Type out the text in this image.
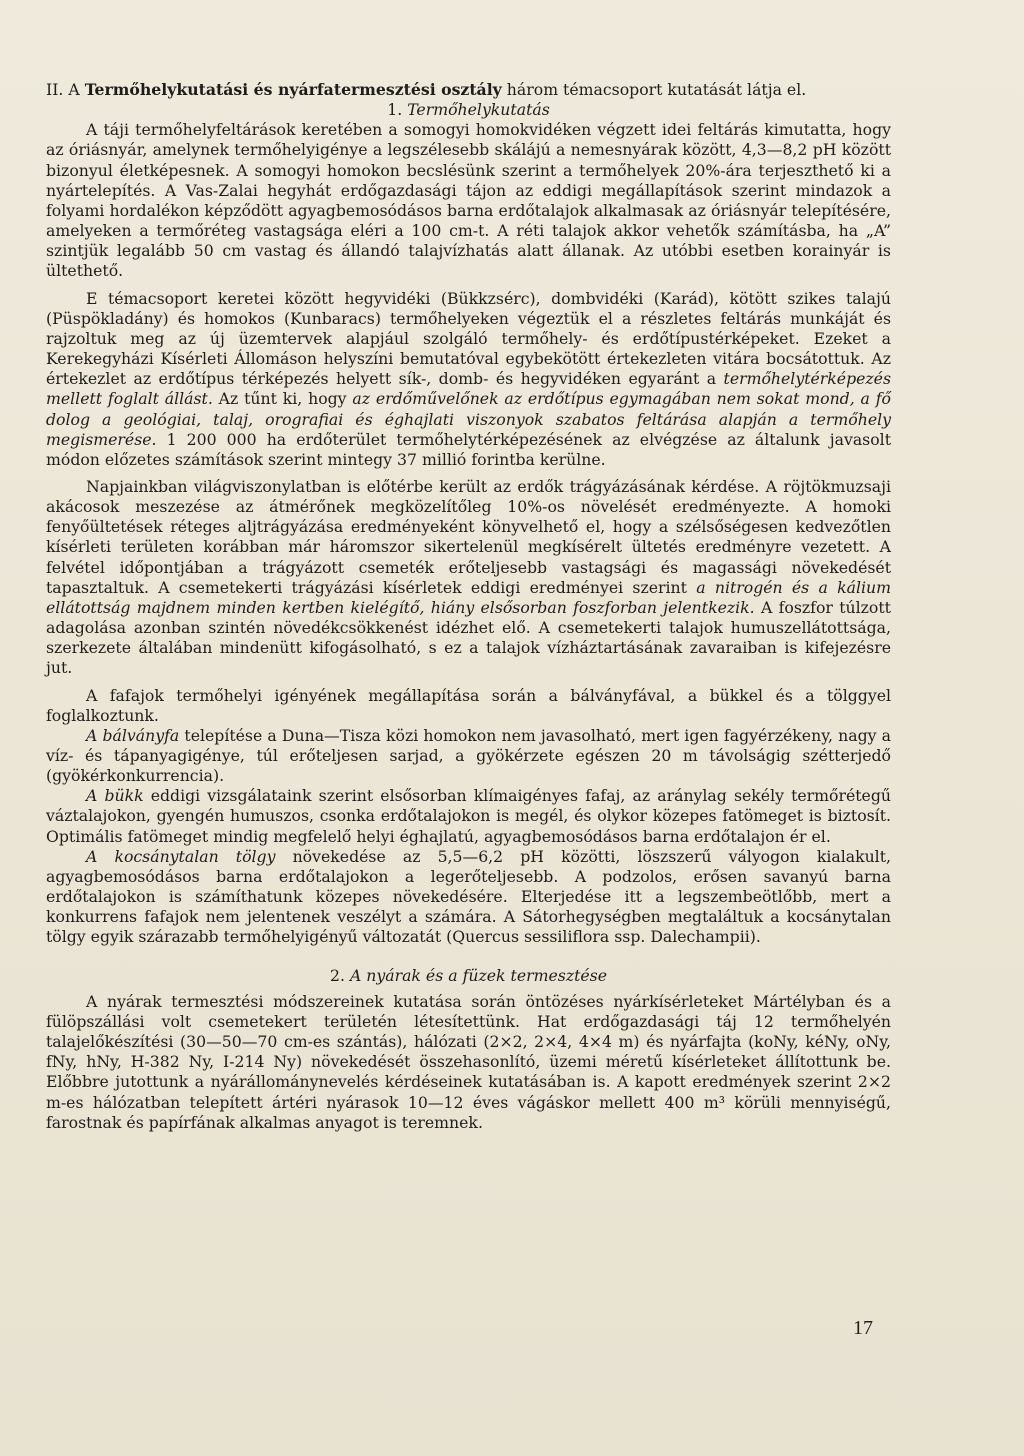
II. A Termőhelykutatási és nyárfatermesztési osztály három témacsoport kutatását látja el.

1. Termőhelykutatás

A táji termőhelyfeltárások keretében a somogyi homokvidéken végzett idei feltárás kimutatta, hogy az óriásnyár, amelynek termőhelyigénye a legszélesebb skálájú a nemesnyárak között, 4,3—8,2 pH között bizonyul életképesnek. A somogyi homokon becslésünk szerint a termőhelyek 20%-ára terjeszthető ki a nyártelepítés. A Vas-Zalai hegyhát erdőgazdasági tájon az eddigi megállapítások szerint mindazok a folyami hordalékon képződött agyagbemosódásos barna erdőtalajok alkalmasak az óriásnyár telepítésére, amelyeken a termőréteg vastagsága eléri a 100 cm-t. A réti talajok akkor vehetők számításba, ha „A” szintjük legalább 50 cm vastag és állandó talajvízhatás alatt állanak. Az utóbbi esetben korainyár is ültethető.

E témacsoport keretei között hegyvidéki (Bükkzsérc), dombvidéki (Karád), kötött szikes talajú (Püspökladány) és homokos (Kunbaracs) termőhelyeken végeztük el a részletes feltárás munkáját és rajzoltuk meg az új üzemtervek alapjául szolgáló termőhely- és erdőtípustérképeket. Ezeket a Kerekegyházi Kísérleti Állomáson helyszíni bemutatóval egybekötött értekezleten vitára bocsátottuk. Az értekezlet az erdőtípus térképezés helyett sík-, domb- és hegyvidéken egyaránt a termőhelytérképezés mellett foglalt állást. Az tűnt ki, hogy az erdőművelőnek az erdőtípus egymagában nem sokat mond, a fő dolog a geológiai, talaj, orografiai és éghajlati viszonyok szabatos feltárása alapján a termőhely megismerése. 1 200 000 ha erdőterület termőhelytérképezésének az elvégzése az általunk javasolt módon előzetes számítások szerint mintegy 37 millió forintba kerülne.

Napjainkban világviszonylatban is előtérbe került az erdők trágyázásának kérdése. A röjtökmuzsaji akácosok meszezése az átmérőnek megközelítőleg 10%-os növelését eredményezte. A homoki fenyőültetések réteges aljtrágyázása eredményeként könyvelhető el, hogy a szélsőségesen kedvezőtlen kísérleti területen korábban már háromszor sikertelenül megkísérelt ültetés eredményre vezetett. A felvétel időpontjában a trágyázott csemeték erőteljesebb vastagsági és magassági növekedését tapasztaltuk. A csemetekerti trágyázási kísérletek eddigi eredményei szerint a nitrogén és a kálium ellátottság majdnem minden kertben kielégítő, hiány elsősorban foszforban jelentkezik. A foszfor túlzott adagolása azonban szintén növedékcsökkenést idézhet elő. A csemetekerti talajok humuszellátottsága, szerkezete általában mindenütt kifogásolható, s ez a talajok vízháztartásának zavaraiban is kifejezésre jut.

A fafajok termőhelyi igényének megállapítása során a bálványfával, a bükkel és a tölggyel foglalkoztunk.

A bálványfa telepítése a Duna—Tisza közi homokon nem javasolható, mert igen fagyérzékeny, nagy a víz- és tápanyagigénye, túl erőteljesen sarjad, a gyökérzete egészen 20 m távolságig szétterjedő (gyökérkonkurrencia).

A bükk eddigi vizsgálataink szerint elsősorban klímaigényes fafaj, az aránylag sekély termőrétegű váztalajokon, gyengén humuszos, csonka erdőtalajokon is megél, és olykor közepes fatömeget is biztosít. Optimális fatömeget mindig megfelelő helyi éghajlatú, agyagbemosódásos barna erdőtalajon ér el.

A kocsánytalan tölgy növekedése az 5,5—6,2 pH közötti, löszszerű vályogon kialakult, agyagbemosódásos barna erdőtalajokon a legerőteljesebb. A podzolos, erősen savanyú barna erdőtalajokon is számíthatunk közepes növekedésére. Elterjedése itt a legszembeötlőbb, mert a konkurrens fafajok nem jelentenek veszélyt a számára. A Sátorhegységben megtaláltuk a kocsánytalan tölgy egyik szárazabb termőhelyigényű változatát (Quercus sessiliflora ssp. Dalechampii).

2. A nyárak és a füzek termesztése

A nyárak termesztési módszereinek kutatása során öntözéses nyárkísérleteket Mártélyban és a fülöpszállási volt csemetekert területén létesítettünk. Hat erdőgazdasági táj 12 termőhelyén talajelőkészítési (30—50—70 cm-es szántás), hálózati (2×2, 2×4, 4×4 m) és nyárfajta (koNy, kéNy, oNy, fNy, hNy, H-382 Ny, I-214 Ny) növekedését összehasonlító, üzemi méretű kísérleteket állítottunk be. Előbbre jutottunk a nyárállománynevelés kérdéseinek kutatásában is. A kapott eredmények szerint 2×2 m-es hálózatban telepített ártéri nyárasok 10—12 éves vágáskor mellett 400 m³ körüli mennyiségű, farostnak és papírfának alkalmas anyagot is teremnek.

17
